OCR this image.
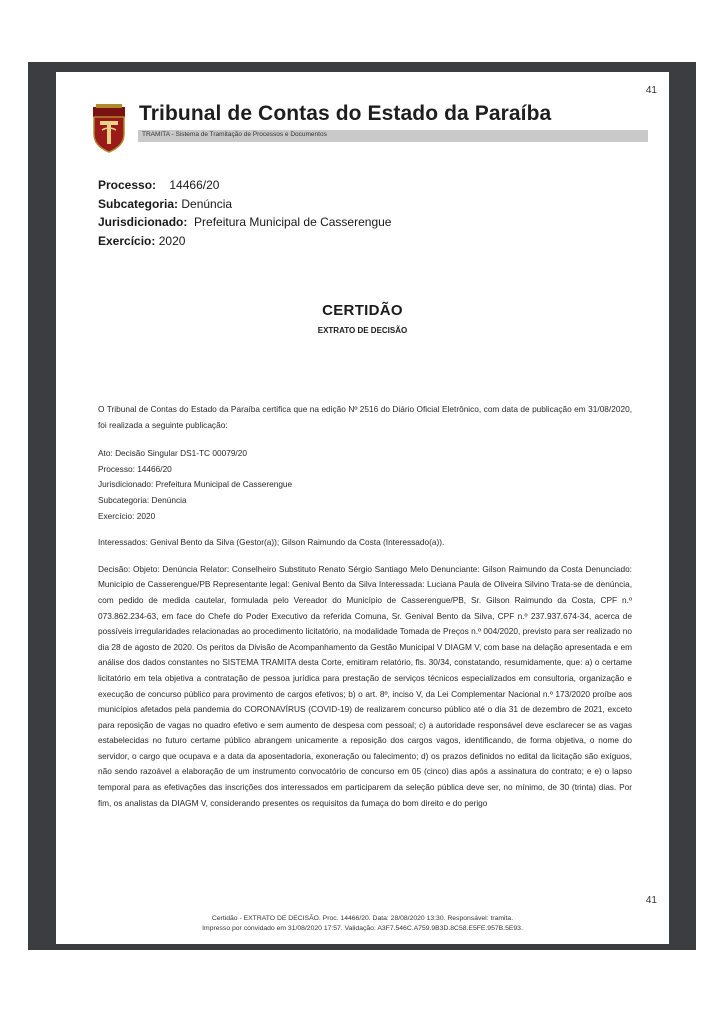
41
Tribunal de Contas do Estado da Paraíba
TRAMITA - Sistema de Tramitação de Processos e Documentos
Processo: 14466/20
Subcategoria: Denúncia
Jurisdicionado: Prefeitura Municipal de Casserengue
Exercício: 2020
CERTIDÃO
EXTRATO DE DECISÃO

O Tribunal de Contas do Estado da Paraíba certifica que na edição Nº 2516 do Diário Oficial Eletrônico, com data de publicação em 31/08/2020, foi realizada a seguinte publicação:

Ato: Decisão Singular DS1-TC 00079/20

Processo: 14466/20

Jurisdicionado: Prefeitura Municipal de Casserengue

Subcategoria: Denúncia

Exercício: 2020

Interessados: Genival Bento da Silva (Gestor(a)); Gilson Raimundo da Costa (Interessado(a)).

Decisão: Objeto: Denúncia Relator: Conselheiro Substituto Renato Sérgio Santiago Melo Denunciante: Gilson Raimundo da Costa Denunciado: Município de Casserengue/PB Representante legal: Genival Bento da Silva Interessada: Luciana Paula de Oliveira Silvino Trata-se de denúncia, com pedido de medida cautelar, formulada pelo Vereador do Município de Casserengue/PB, Sr. Gilson Raimundo da Costa, CPF n.º 073.862.234-63, em face do Chefe do Poder Executivo da referida Comuna, Sr. Genival Bento da Silva, CPF n.º 237.937.674-34, acerca de possíveis irregularidades relacionadas ao procedimento licitatório, na modalidade Tomada de Preços n.º 004/2020, previsto para ser realizado no dia 28 de agosto de 2020. Os peritos da Divisão de Acompanhamento da Gestão Municipal V DIAGM V, com base na delação apresentada e em análise dos dados constantes no SISTEMA TRAMITA desta Corte, emitiram relatório, fls. 30/34, constatando, resumidamente, que: a) o certame licitatório em tela objetiva a contratação de pessoa jurídica para prestação de serviços técnicos especializados em consultoria, organização e execução de concurso público para provimento de cargos efetivos; b) o art. 8º, inciso V, da Lei Complementar Nacional n.º 173/2020 proíbe aos municípios afetados pela pandemia do CORONAVÍRUS (COVID-19) de realizarem concurso público até o dia 31 de dezembro de 2021, exceto para reposição de vagas no quadro efetivo e sem aumento de despesa com pessoal; c) a autoridade responsável deve esclarecer se as vagas estabelecidas no futuro certame público abrangem unicamente a reposição dos cargos vagos, identificando, de forma objetiva, o nome do servidor, o cargo que ocupava e a data da aposentadoria, exoneração ou falecimento; d) os prazos definidos no edital da licitação são exíguos, não sendo razoável a elaboração de um instrumento convocatório de concurso em 05 (cinco) dias após a assinatura do contrato; e e) o lapso temporal para as efetivações das inscrições dos interessados em participarem da seleção pública deve ser, no mínimo, de 30 (trinta) dias. Por fim, os analistas da DIAGM V, considerando presentes os requisitos da fumaça do bom direito e do perigo

Certidão - EXTRATO DE DECISÃO. Proc. 14466/20. Data: 28/08/2020 13:30. Responsável: tramita.
Impresso por convidado em 31/08/2020 17:57. Validação: A3F7.546C.A759.9B3D.8C58.E5FE.957B.5E93.
41
